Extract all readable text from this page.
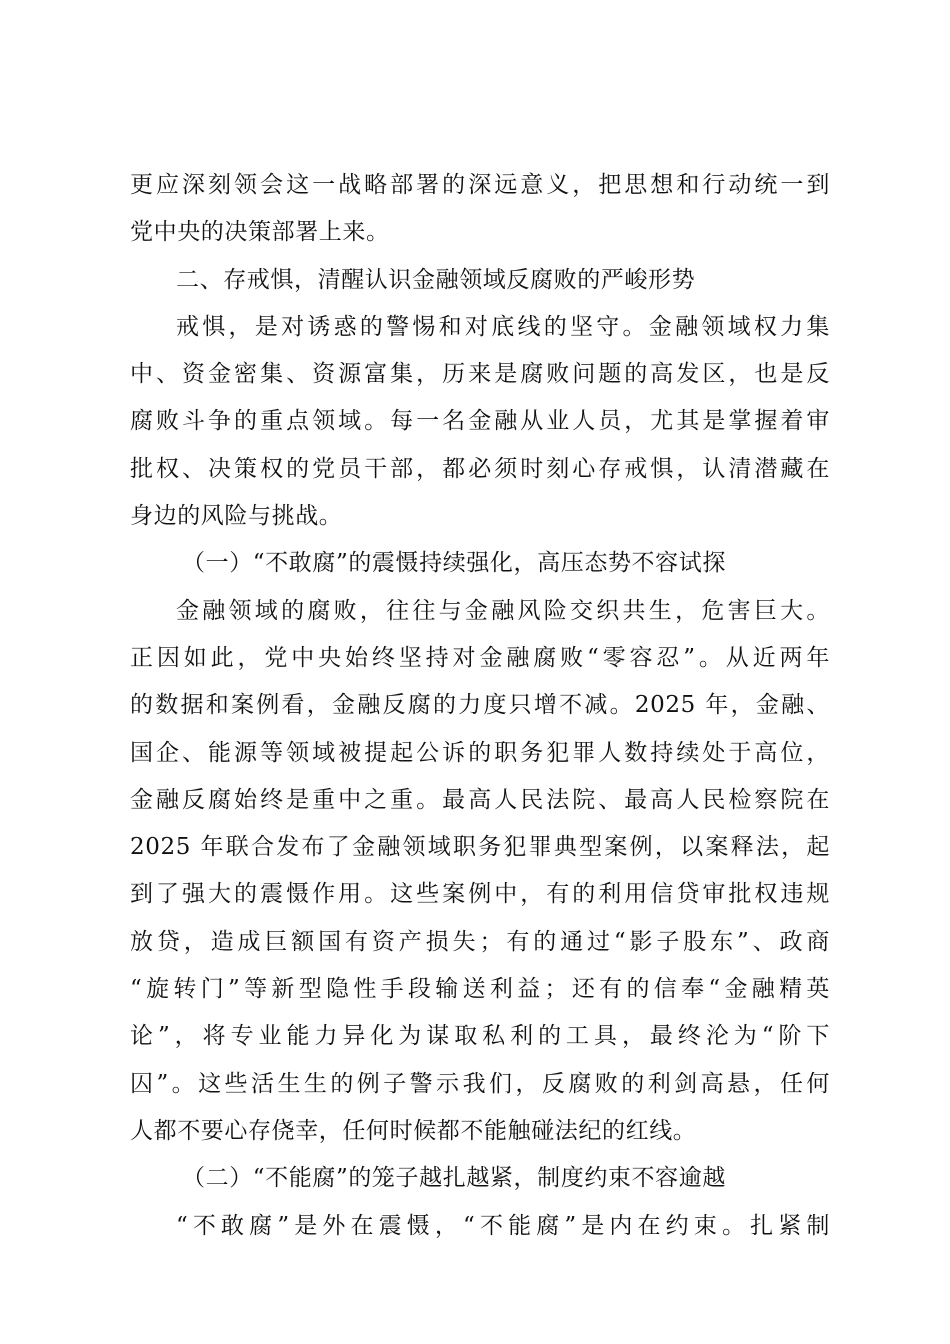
更应深刻领会这一战略部署的深远意义，把思想和行动统一到
党中央的决策部署上来。
二、存戒惧，清醒认识金融领域反腐败的严峻形势
戒惧，是对诱惑的警惕和对底线的坚守。金融领域权力集
中、资金密集、资源富集，历来是腐败问题的高发区，也是反
腐败斗争的重点领域。每一名金融从业人员，尤其是掌握着审
批权、决策权的党员干部，都必须时刻心存戒惧，认清潜藏在
身边的风险与挑战。
（一）“不敢腐”的震慑持续强化，高压态势不容试探
金融领域的腐败，往往与金融风险交织共生，危害巨大。
正因如此，党中央始终坚持对金融腐败“零容忍”。从近两年
的数据和案例看，金融反腐的力度只增不减。2025 年，金融、
国企、能源等领域被提起公诉的职务犯罪人数持续处于高位，
金融反腐始终是重中之重。最高人民法院、最高人民检察院在
2025 年联合发布了金融领域职务犯罪典型案例，以案释法，起
到了强大的震慑作用。这些案例中，有的利用信贷审批权违规
放贷，造成巨额国有资产损失；有的通过“影子股东”、政商
“旋转门”等新型隐性手段输送利益；还有的信奉“金融精英
论”，将专业能力异化为谋取私利的工具，最终沦为“阶下
囚”。这些活生生的例子警示我们，反腐败的利剑高悬，任何
人都不要心存侥幸，任何时候都不能触碰法纪的红线。
（二）“不能腐”的笼子越扎越紧，制度约束不容逾越
“不敢腐”是外在震慑，“不能腐”是内在约束。扎紧制
